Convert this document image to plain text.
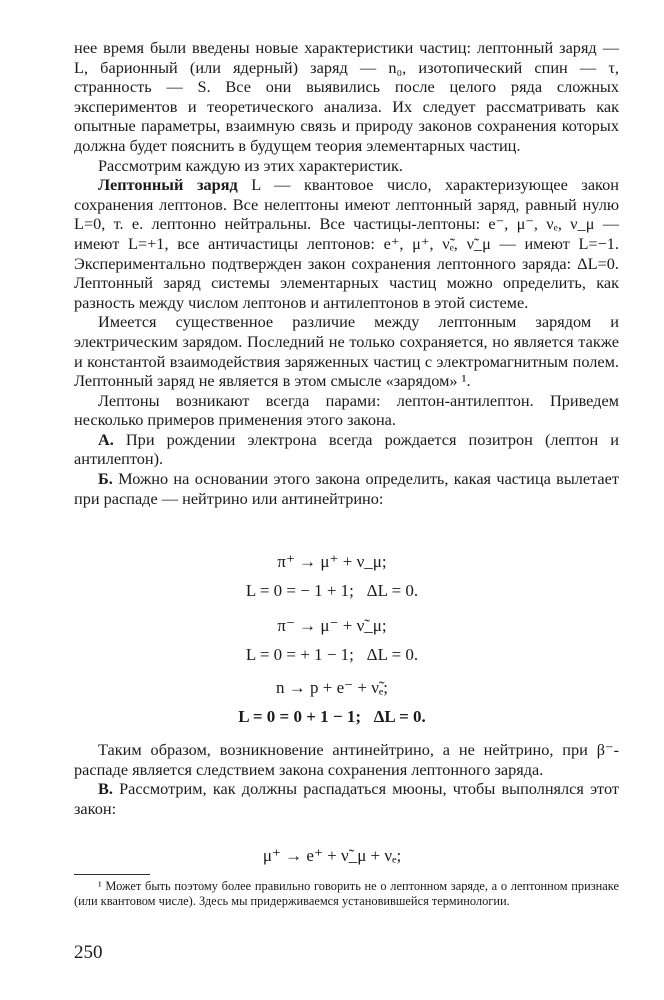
нее время были введены новые характеристики частиц: лептонный заряд — L, барионный (или ядерный) заряд — n₀, изотопический спин — τ, странность — S. Все они выявились после целого ряда сложных экспериментов и теоретического анализа. Их следует рассматривать как опытные параметры, взаимную связь и природу законов сохранения которых должна будет пояснить в будущем теория элементарных частиц.

Рассмотрим каждую из этих характеристик.

Лептонный заряд L — квантовое число, характеризующее закон сохранения лептонов. Все нелептоны имеют лептонный заряд, равный нулю L=0, т. е. лептонно нейтральны. Все частицы-лептоны: e⁻, μ⁻, νₑ, ν_μ — имеют L=+1, все античастицы лептонов: e⁺, μ⁺, ν̃ₑ, ν̃_μ — имеют L=−1. Экспериментально подтвержден закон сохранения лептонного заряда: ΔL=0. Лептонный заряд системы элементарных частиц можно определить, как разность между числом лептонов и антилептонов в этой системе.

Имеется существенное различие между лептонным зарядом и электрическим зарядом. Последний не только сохраняется, но является также и константой взаимодействия заряженных частиц с электромагнитным полем. Лептонный заряд не является в этом смысле «зарядом» ¹.

Лептоны возникают всегда парами: лептон-антилептон. Приведем несколько примеров применения этого закона.

А. При рождении электрона всегда рождается позитрон (лептон и антилептон).

Б. Можно на основании этого закона определить, какая частица вылетает при распаде — нейтрино или антинейтрино:

π⁺ → μ⁺ + ν_μ;
L = 0 = − 1 + 1;   ΔL = 0.
π⁻ → μ⁻ + ν̃_μ;
L = 0 = + 1 − 1;   ΔL = 0.
n → p + e⁻ + ν̃ₑ;
L = 0 = 0 + 1 − 1;   ΔL = 0.

Таким образом, возникновение антинейтрино, а не нейтрино, при β⁻-распаде является следствием закона сохранения лептонного заряда.

В. Рассмотрим, как должны распадаться мюоны, чтобы выполнялся этот закон:

μ⁺ → e⁺ + ν̃_μ + νₑ;

¹ Может быть поэтому более правильно говорить не о лептонном заряде, а о лептонном признаке (или квантовом числе). Здесь мы придерживаемся установившейся терминологии.

250
